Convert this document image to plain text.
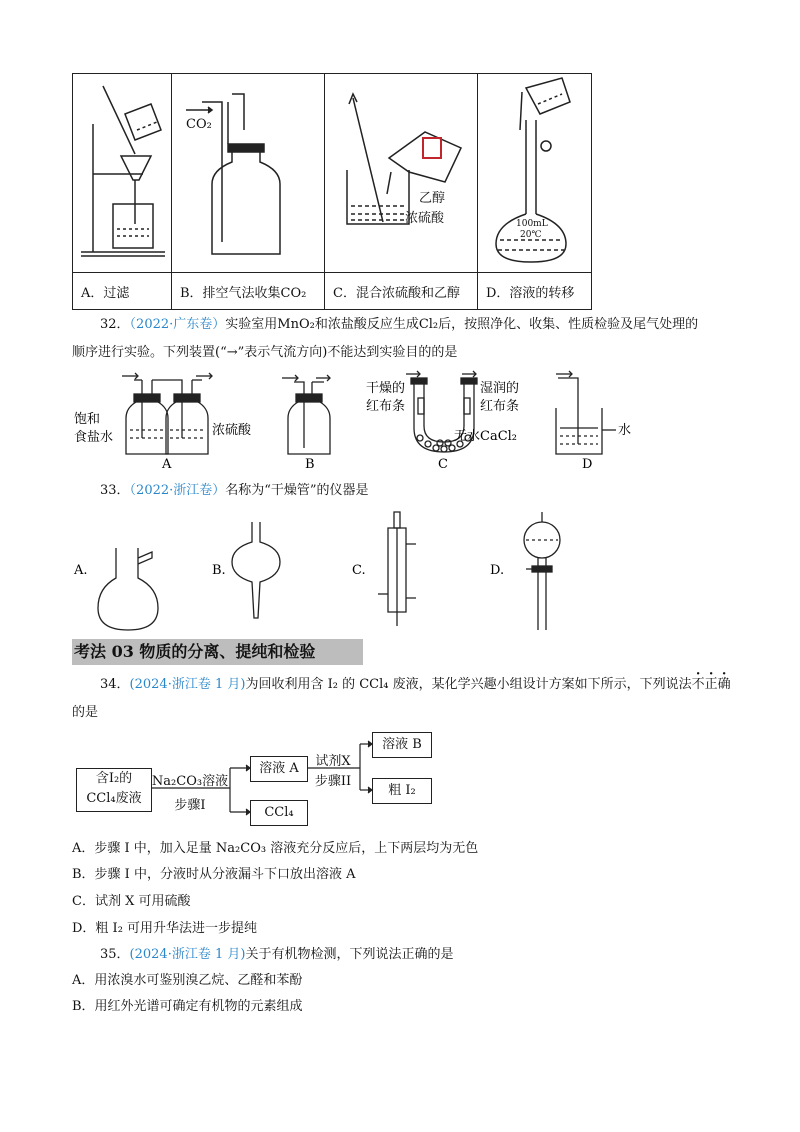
CO₂	乙醇
浓硫酸	100mL
20℃

A．过滤	B．排空气法收集CO₂	C．混合浓硫酸和乙醇	D．溶液的转移
32．（2022·广东卷）实验室用MnO₂和浓盐酸反应生成Cl₂后，按照净化、收集、性质检验及尾气处理的
顺序进行实验。下列装置(“→”表示气流方向)不能达到实验目的的是
饱和
食盐水	浓硫酸
干燥的
红布条
湿润的
红布条
无水CaCl₂	水
A	B	C	D
33．（2022·浙江卷）名称为“干燥管”的仪器是
A.	B.	C.	D.
考法 03 物质的分离、提纯和检验
34．(2024·浙江卷 1 月)为回收利用含 I₂ 的 CCl₄ 废液，某化学兴趣小组设计方案如下所示，下列说法不正确
的是
含I₂的
CCl₄废液
Na₂CO₃溶液
步骤I
溶液 A
CCl₄
试剂X
步骤II
溶液 B
粗 I₂
A．步骤 I 中，加入足量 Na₂CO₃ 溶液充分反应后，上下两层均为无色
B．步骤 I 中，分液时从分液漏斗下口放出溶液 A
C．试剂 X 可用硫酸
D．粗 I₂ 可用升华法进一步提纯
35．(2024·浙江卷 1 月)关于有机物检测，下列说法正确的是
A．用浓溴水可鉴别溴乙烷、乙醛和苯酚
B．用红外光谱可确定有机物的元素组成
